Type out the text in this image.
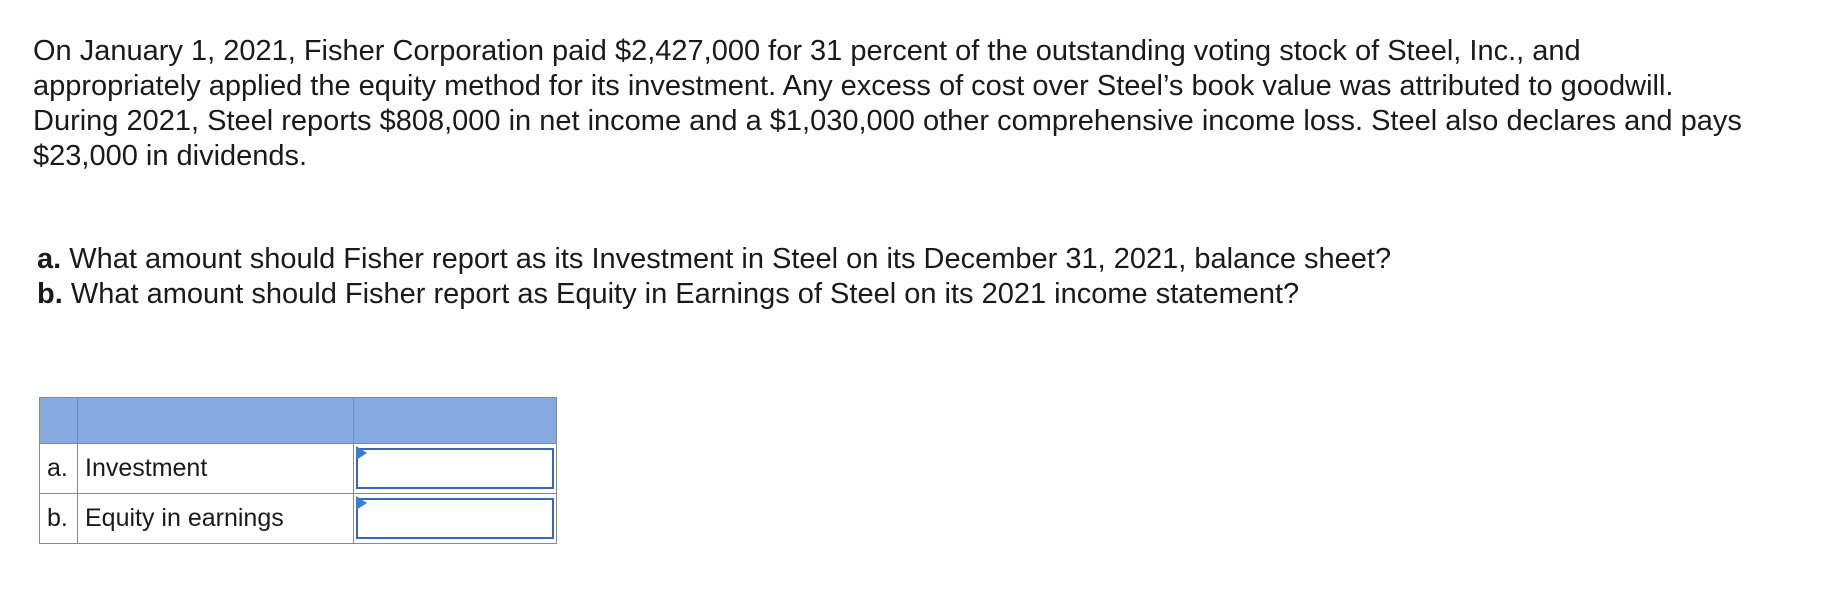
On January 1, 2021, Fisher Corporation paid $2,427,000 for 31 percent of the outstanding voting stock of Steel, Inc., and appropriately applied the equity method for its investment. Any excess of cost over Steel’s book value was attributed to goodwill. During 2021, Steel reports $808,000 in net income and a $1,030,000 other comprehensive income loss. Steel also declares and pays $23,000 in dividends.

a. What amount should Fisher report as its Investment in Steel on its December 31, 2021, balance sheet?

b. What amount should Fisher report as Equity in Earnings of Steel on its 2021 income statement?

a.	Investment	

b.	Equity in earnings	
